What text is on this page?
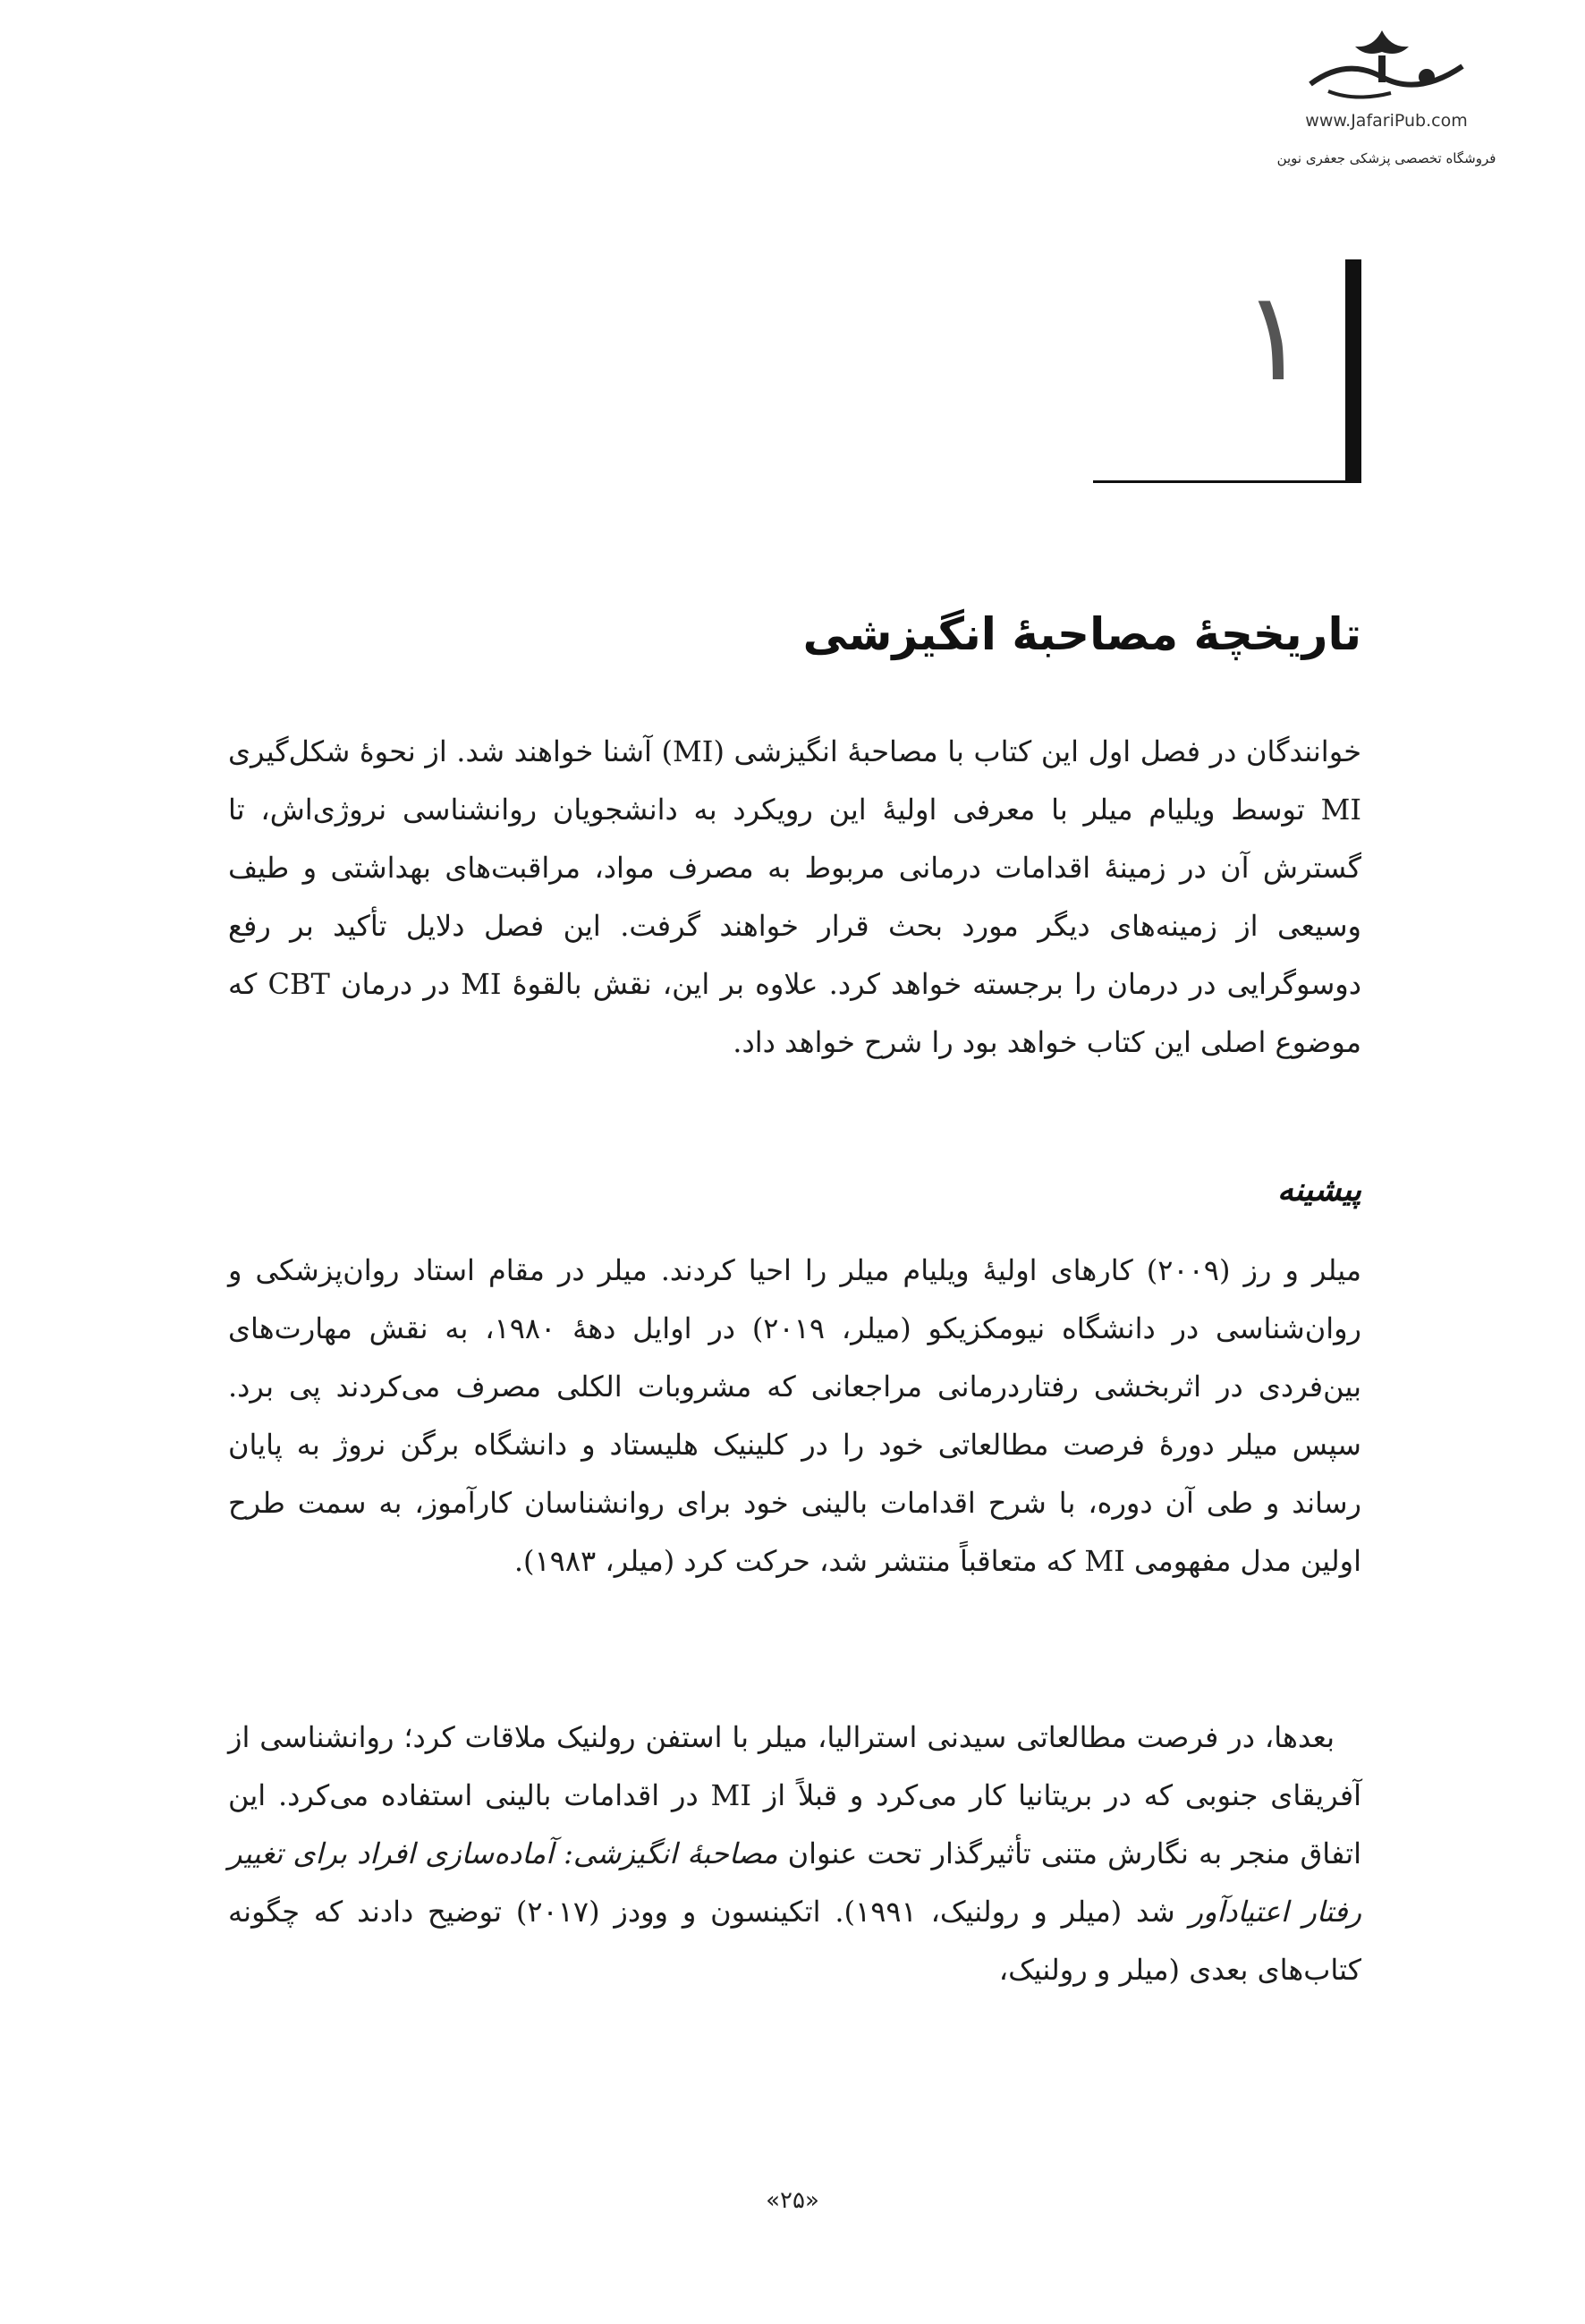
www.JafariPub.com
فروشگاه تخصصی پزشکی جعفری نوین
۱
تاریخچهٔ مصاحبهٔ انگیزشی

خوانندگان در فصل اول این کتاب با مصاحبهٔ انگیزشی (MI) آشنا خواهند شد. از نحوهٔ شکل‌گیری MI توسط ویلیام میلر با معرفی اولیهٔ این رویکرد به دانشجویان روانشناسی نروژی‌اش، تا گسترش آن در زمینهٔ اقدامات درمانی مربوط به مصرف مواد، مراقبت‌های بهداشتی و طیف وسیعی از زمینه‌های دیگر مورد بحث قرار خواهند گرفت. این فصل دلایل تأکید بر رفع دوسوگرایی در درمان را برجسته خواهد کرد. علاوه بر این، نقش بالقوهٔ MI در درمان CBT که موضوع اصلی این کتاب خواهد بود را شرح خواهد داد.

پیشینه

میلر و رز (۲۰۰۹) کارهای اولیهٔ ویلیام میلر را احیا کردند. میلر در مقام استاد روان‌پزشکی و روان‌شناسی در دانشگاه نیومکزیکو (میلر، ۲۰۱۹) در اوایل دههٔ ۱۹۸۰، به نقش مهارت‌های بین‌فردی در اثربخشی رفتاردرمانی مراجعانی که مشروبات الکلی مصرف می‌کردند پی برد. سپس میلر دورهٔ فرصت مطالعاتی خود را در کلینیک هلیستاد و دانشگاه برگن نروژ به پایان رساند و طی آن دوره، با شرح اقدامات بالینی خود برای روانشناسان کارآموز، به سمت طرح اولین مدل مفهومی MI که متعاقباً منتشر شد، حرکت کرد (میلر، ۱۹۸۳).

بعدها، در فرصت مطالعاتی سیدنی استرالیا، میلر با استفن رولنیک ملاقات کرد؛ روانشناسی از آفریقای جنوبی که در بریتانیا کار می‌کرد و قبلاً از MI در اقدامات بالینی استفاده می‌کرد. این اتفاق منجر به نگارش متنی تأثیرگذار تحت عنوان مصاحبهٔ انگیزشی: آماده‌سازی افراد برای تغییر رفتار اعتیادآور شد (میلر و رولنیک، ۱۹۹۱). اتکینسون و وودز (۲۰۱۷) توضیح دادند که چگونه کتاب‌های بعدی (میلر و رولنیک،

«۲۵»
